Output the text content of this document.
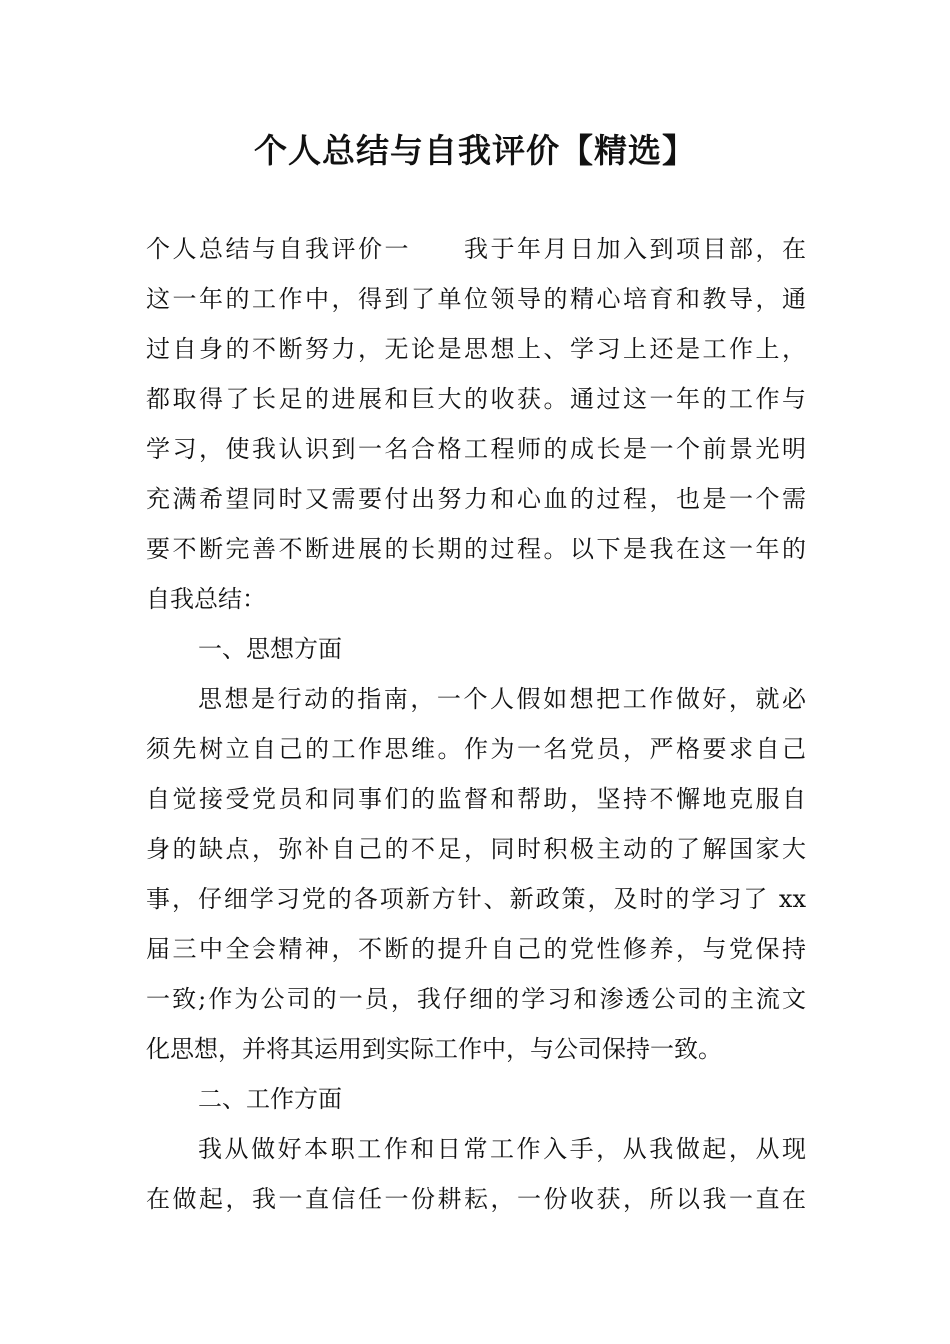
个人总结与自我评价【精选】
个人总结与自我评价一　　我于年月日加入到项目部，在
这一年的工作中，得到了单位领导的精心培育和教导，通
过自身的不断努力，无论是思想上、学习上还是工作上，
都取得了长足的进展和巨大的收获。通过这一年的工作与
学习，使我认识到一名合格工程师的成长是一个前景光明
充满希望同时又需要付出努力和心血的过程，也是一个需
要不断完善不断进展的长期的过程。以下是我在这一年的
自我总结：
一、思想方面
思想是行动的指南，一个人假如想把工作做好，就必
须先树立自己的工作思维。作为一名党员，严格要求自己
自觉接受党员和同事们的监督和帮助，坚持不懈地克服自
身的缺点，弥补自己的不足，同时积极主动的了解国家大
事，仔细学习党的各项新方针、新政策，及时的学习了 xx
届三中全会精神，不断的提升自己的党性修养，与党保持
一致;作为公司的一员，我仔细的学习和渗透公司的主流文
化思想，并将其运用到实际工作中，与公司保持一致。
二、工作方面
我从做好本职工作和日常工作入手，从我做起，从现
在做起，我一直信任一份耕耘，一份收获，所以我一直在
